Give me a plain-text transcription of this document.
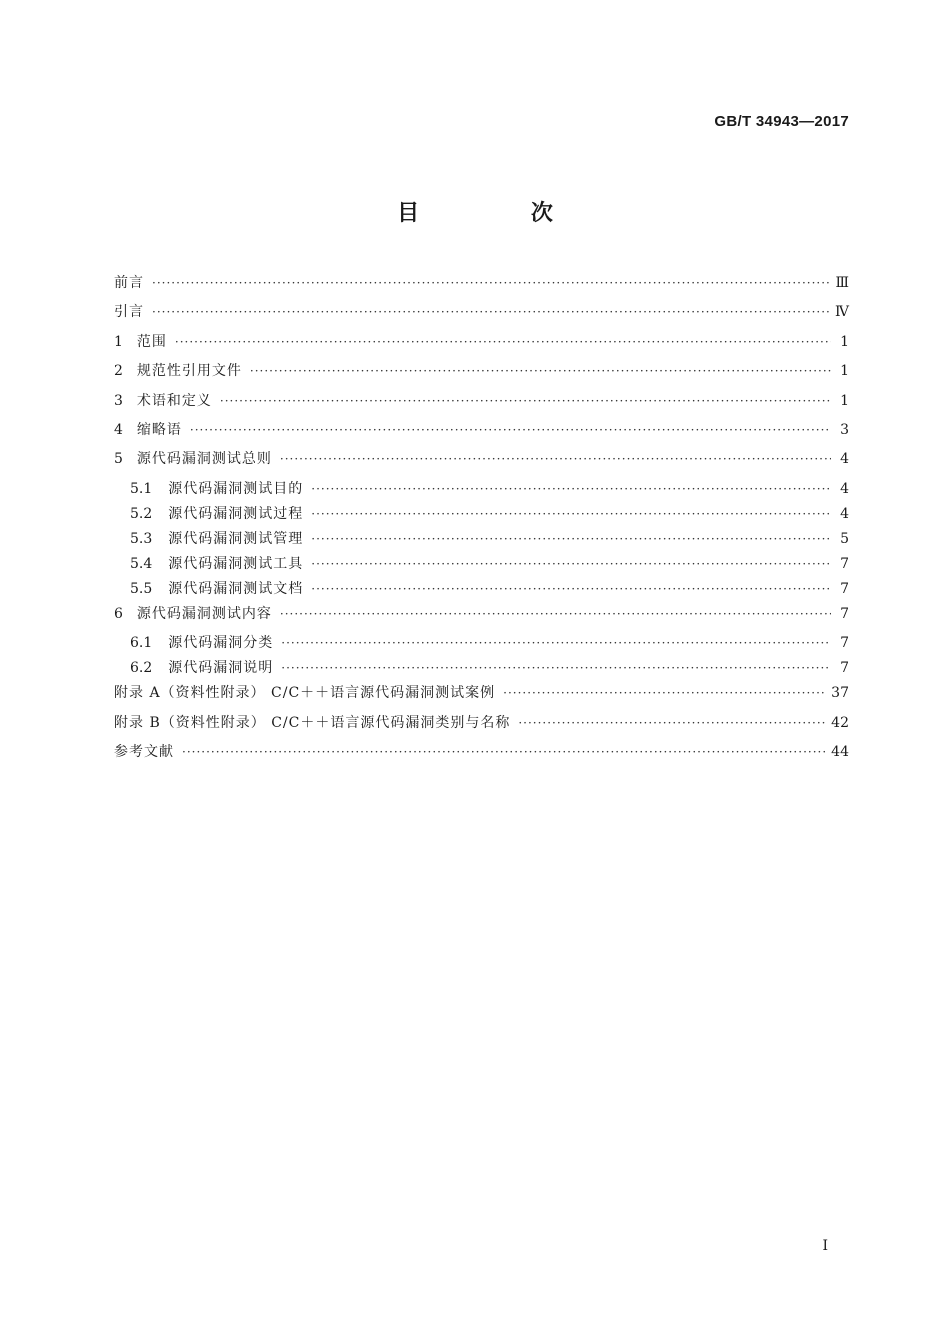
GB/T 34943—2017
目 次
前言 ·····	Ⅲ
引言 ·····	Ⅳ
1 范围 ·····	1
2 规范性引用文件 ·····	1
3 术语和定义 ·····	1
4 缩略语 ·····	3
5 源代码漏洞测试总则 ·····	4
5.1 源代码漏洞测试目的 ·····	4
5.2 源代码漏洞测试过程 ·····	4
5.3 源代码漏洞测试管理 ·····	5
5.4 源代码漏洞测试工具 ·····	7
5.5 源代码漏洞测试文档 ·····	7
6 源代码漏洞测试内容 ·····	7
6.1 源代码漏洞分类 ·····	7
6.2 源代码漏洞说明 ·····	7
附录 A（资料性附录） C/C＋＋语言源代码漏洞测试案例 ·····	37
附录 B（资料性附录） C/C＋＋语言源代码漏洞类别与名称 ·····	42
参考文献 ·····	44
I
